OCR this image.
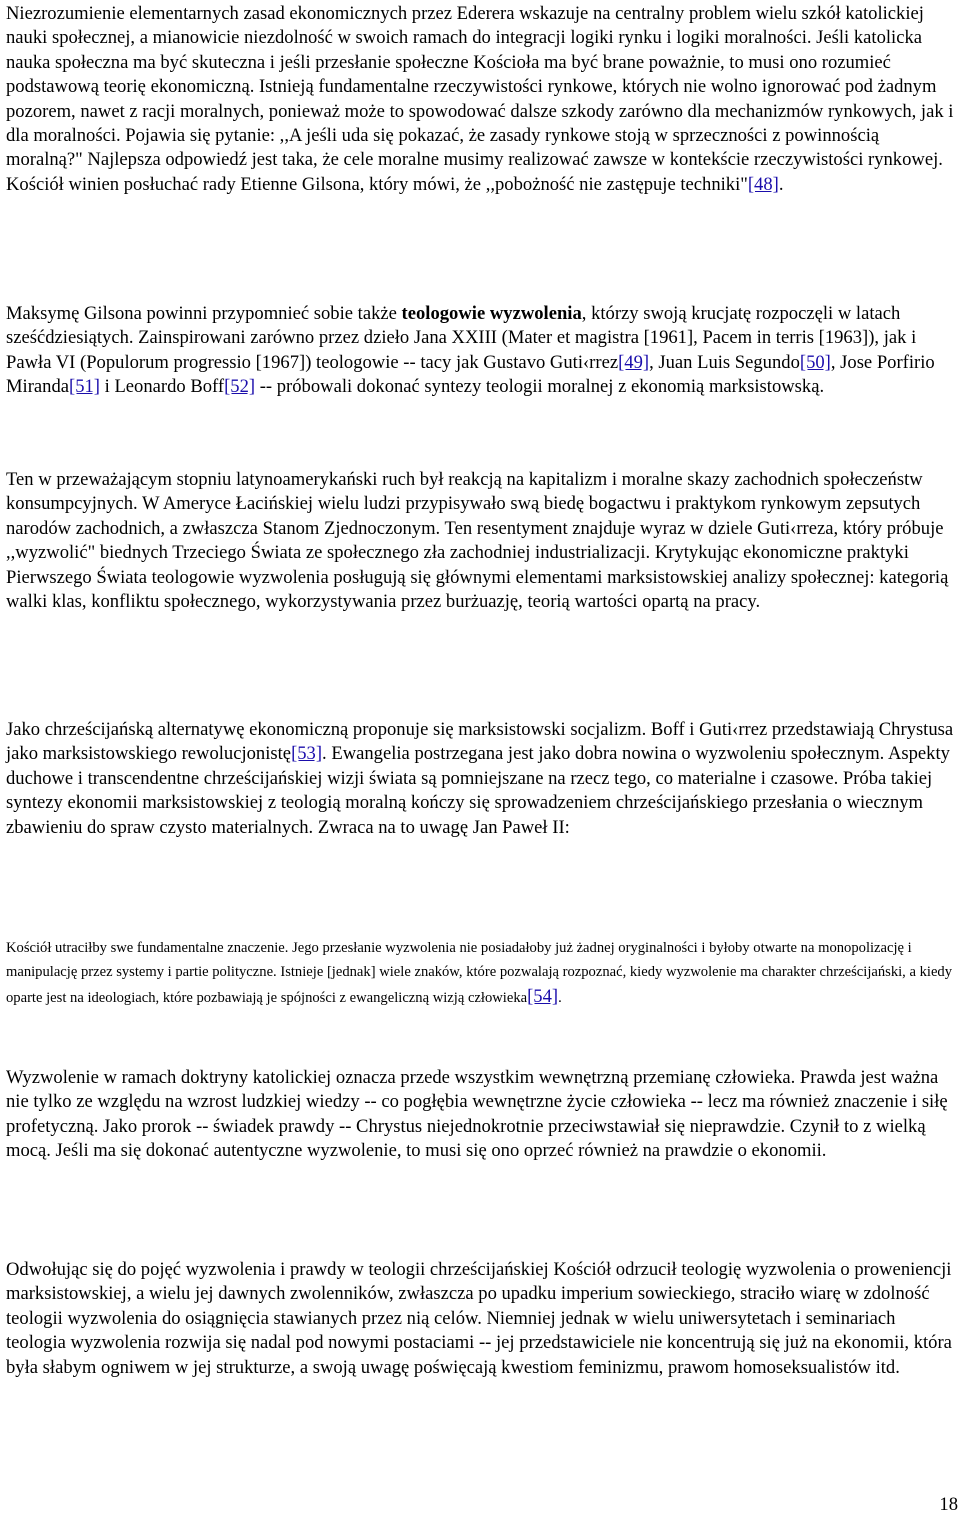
Niezrozumienie elementarnych zasad ekonomicznych przez Ederera wskazuje na centralny problem wielu szkół katolickiej nauki społecznej, a mianowicie niezdolność w swoich ramach do integracji logiki rynku i logiki moralności. Jeśli katolicka nauka społeczna ma być skuteczna i jeśli przesłanie społeczne Kościoła ma być brane poważnie, to musi ono rozumieć podstawową teorię ekonomiczną. Istnieją fundamentalne rzeczywistości rynkowe, których nie wolno ignorować pod żadnym pozorem, nawet z racji moralnych, ponieważ może to spowodować dalsze szkody zarówno dla mechanizmów rynkowych, jak i dla moralności. Pojawia się pytanie: ,,A jeśli uda się pokazać, że zasady rynkowe stoją w sprzeczności z powinnością moralną?" Najlepsza odpowiedź jest taka, że cele moralne musimy realizować zawsze w kontekście rzeczywistości rynkowej. Kościół winien posłuchać rady Etienne Gilsona, który mówi, że ,,pobożność nie zastępuje techniki"[48].

Maksymę Gilsona powinni przypomnieć sobie także teologowie wyzwolenia, którzy swoją krucjatę rozpoczęli w latach sześćdziesiątych. Zainspirowani zarówno przez dzieło Jana XXIII (Mater et magistra [1961], Pacem in terris [1963]), jak i Pawła VI (Populorum progressio [1967]) teologowie -- tacy jak Gustavo Guti‹rrez[49], Juan Luis Segundo[50], Jose Porfirio Miranda[51] i Leonardo Boff[52] -- próbowali dokonać syntezy teologii moralnej z ekonomią marksistowską.

Ten w przeważającym stopniu latynoamerykański ruch był reakcją na kapitalizm i moralne skazy zachodnich społeczeństw konsumpcyjnych. W Ameryce Łacińskiej wielu ludzi przypisywało swą biedę bogactwu i praktykom rynkowym zepsutych narodów zachodnich, a zwłaszcza Stanom Zjednoczonym. Ten resentyment znajduje wyraz w dziele Guti‹rreza, który próbuje ,,wyzwolić" biednych Trzeciego Świata ze społecznego zła zachodniej industrializacji. Krytykując ekonomiczne praktyki Pierwszego Świata teologowie wyzwolenia posługują się głównymi elementami marksistowskiej analizy społecznej: kategorią walki klas, konfliktu społecznego, wykorzystywania przez burżuazję, teorią wartości opartą na pracy.

Jako chrześcijańską alternatywę ekonomiczną proponuje się marksistowski socjalizm. Boff i Guti‹rrez przedstawiają Chrystusa jako marksistowskiego rewolucjonistę[53]. Ewangelia postrzegana jest jako dobra nowina o wyzwoleniu społecznym. Aspekty duchowe i transcendentne chrześcijańskiej wizji świata są pomniejszane na rzecz tego, co materialne i czasowe. Próba takiej syntezy ekonomii marksistowskiej z teologią moralną kończy się sprowadzeniem chrześcijańskiego przesłania o wiecznym zbawieniu do spraw czysto materialnych. Zwraca na to uwagę Jan Paweł II:

Kościół utraciłby swe fundamentalne znaczenie. Jego przesłanie wyzwolenia nie posiadałoby już żadnej oryginalności i byłoby otwarte na monopolizację i manipulację przez systemy i partie polityczne. Istnieje [jednak] wiele znaków, które pozwalają rozpoznać, kiedy wyzwolenie ma charakter chrześcijański, a kiedy oparte jest na ideologiach, które pozbawiają je spójności z ewangeliczną wizją człowieka[54].

Wyzwolenie w ramach doktryny katolickiej oznacza przede wszystkim wewnętrzną przemianę człowieka. Prawda jest ważna nie tylko ze względu na wzrost ludzkiej wiedzy -- co pogłębia wewnętrzne życie człowieka -- lecz ma również znaczenie i siłę profetyczną. Jako prorok -- świadek prawdy -- Chrystus niejednokrotnie przeciwstawiał się nieprawdzie. Czynił to z wielką mocą. Jeśli ma się dokonać autentyczne wyzwolenie, to musi się ono oprzeć również na prawdzie o ekonomii.

Odwołując się do pojęć wyzwolenia i prawdy w teologii chrześcijańskiej Kościół odrzucił teologię wyzwolenia o proweniencji marksistowskiej, a wielu jej dawnych zwolenników, zwłaszcza po upadku imperium sowieckiego, straciło wiarę w zdolność teologii wyzwolenia do osiągnięcia stawianych przez nią celów. Niemniej jednak w wielu uniwersytetach i seminariach teologia wyzwolenia rozwija się nadal pod nowymi postaciami -- jej przedstawiciele nie koncentrują się już na ekonomii, która była słabym ogniwem w jej strukturze, a swoją uwagę poświęcają kwestiom feminizmu, prawom homoseksualistów itd.

18
